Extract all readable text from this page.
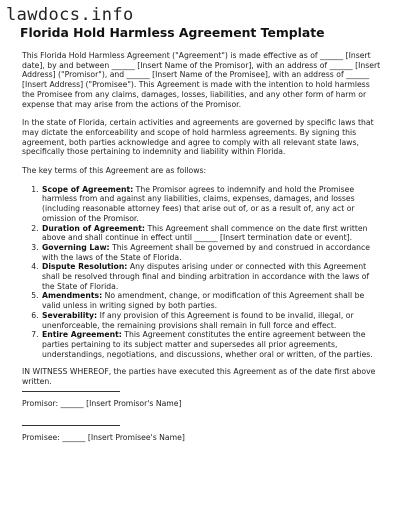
lawdocs.info
Florida Hold Harmless Agreement Template

This Florida Hold Harmless Agreement ("Agreement") is made effective as of ______ [Insert date], by and between ______ [Insert Name of the Promisor], with an address of ______ [Insert Address] ("Promisor"), and ______ [Insert Name of the Promisee], with an address of ______ [Insert Address] ("Promisee"). This Agreement is made with the intention to hold harmless the Promisee from any claims, damages, losses, liabilities, and any other form of harm or expense that may arise from the actions of the Promisor.

In the state of Florida, certain activities and agreements are governed by specific laws that may dictate the enforceability and scope of hold harmless agreements. By signing this agreement, both parties acknowledge and agree to comply with all relevant state laws, specifically those pertaining to indemnity and liability within Florida.

The key terms of this Agreement are as follows:

1. Scope of Agreement: The Promisor agrees to indemnify and hold the Promisee harmless from and against any liabilities, claims, expenses, damages, and losses (including reasonable attorney fees) that arise out of, or as a result of, any act or omission of the Promisor.
2. Duration of Agreement: This Agreement shall commence on the date first written above and shall continue in effect until ______ [Insert termination date or event].
3. Governing Law: This Agreement shall be governed by and construed in accordance with the laws of the State of Florida.
4. Dispute Resolution: Any disputes arising under or connected with this Agreement shall be resolved through final and binding arbitration in accordance with the laws of the State of Florida.
5. Amendments: No amendment, change, or modification of this Agreement shall be valid unless in writing signed by both parties.
6. Severability: If any provision of this Agreement is found to be invalid, illegal, or unenforceable, the remaining provisions shall remain in full force and effect.
7. Entire Agreement: This Agreement constitutes the entire agreement between the parties pertaining to its subject matter and supersedes all prior agreements, understandings, negotiations, and discussions, whether oral or written, of the parties.

IN WITNESS WHEREOF, the parties have executed this Agreement as of the date first above written.

Promisor: ______ [Insert Promisor's Name]
Promisee: ______ [Insert Promisee's Name]
